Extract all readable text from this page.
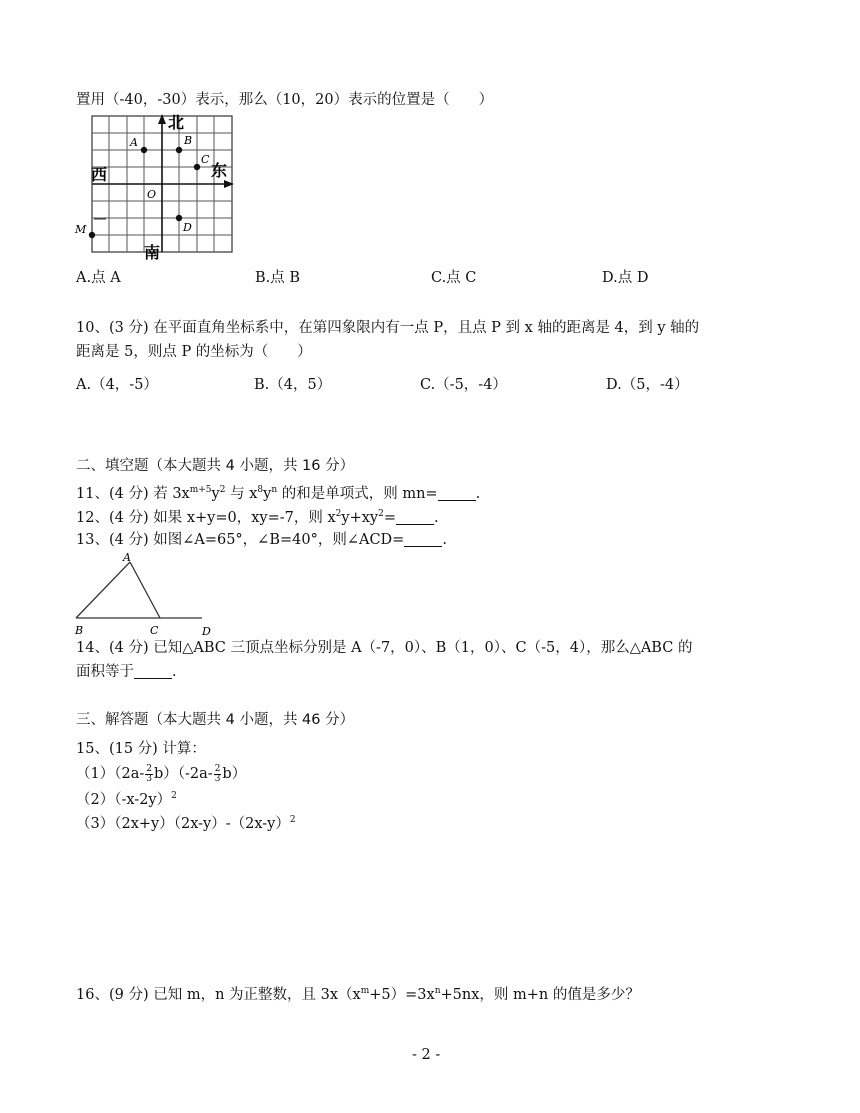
置用（-40，-30）表示，那么（10，20）表示的位置是（　　）
北
南
东
西
O
A	B
C
D
M
A.点 A	B.点 B	C.点 C	D.点 D
10、(3 分) 在平面直角坐标系中，在第四象限内有一点 P，且点 P 到 x 轴的距离是 4，到 y 轴的
距离是 5，则点 P 的坐标为（　　）
A.（4，-5）	B.（4，5）	C.（-5，-4）	D.（5，-4）
二、填空题（本大题共 4 小题，共 16 分）
11、(4 分) 若 $3x^{m+5}y^2$ 与 $x^8y^n$ 的和是单项式，则 mn=	.
12、(4 分) 如果 x+y=0，xy=-7，则 $x^2y+xy^2=$	.
13、(4 分) 如图∠A=65°，∠B=40°，则∠ACD=	.
A
B	C	D
14、(4 分) 已知△ABC 三顶点坐标分别是 A（-7，0）、B（1，0）、C（-5，4），那么△ABC 的
面积等于	.
三、解答题（本大题共 4 小题，共 46 分）
15、(15 分) 计算：
$(1)(2a- \frac{2}{3} b)(-2a- \frac{2}{3} b)$
$(2)(-x-2y)^2$
$(3)(2x+y)(2x-y)-(2x-y)^2$
16、(9 分) 已知 m，n 为正整数，且 $3x(x^m+5)=3x^n+5nx$，则 m+n 的值是多少？
- 2 -
